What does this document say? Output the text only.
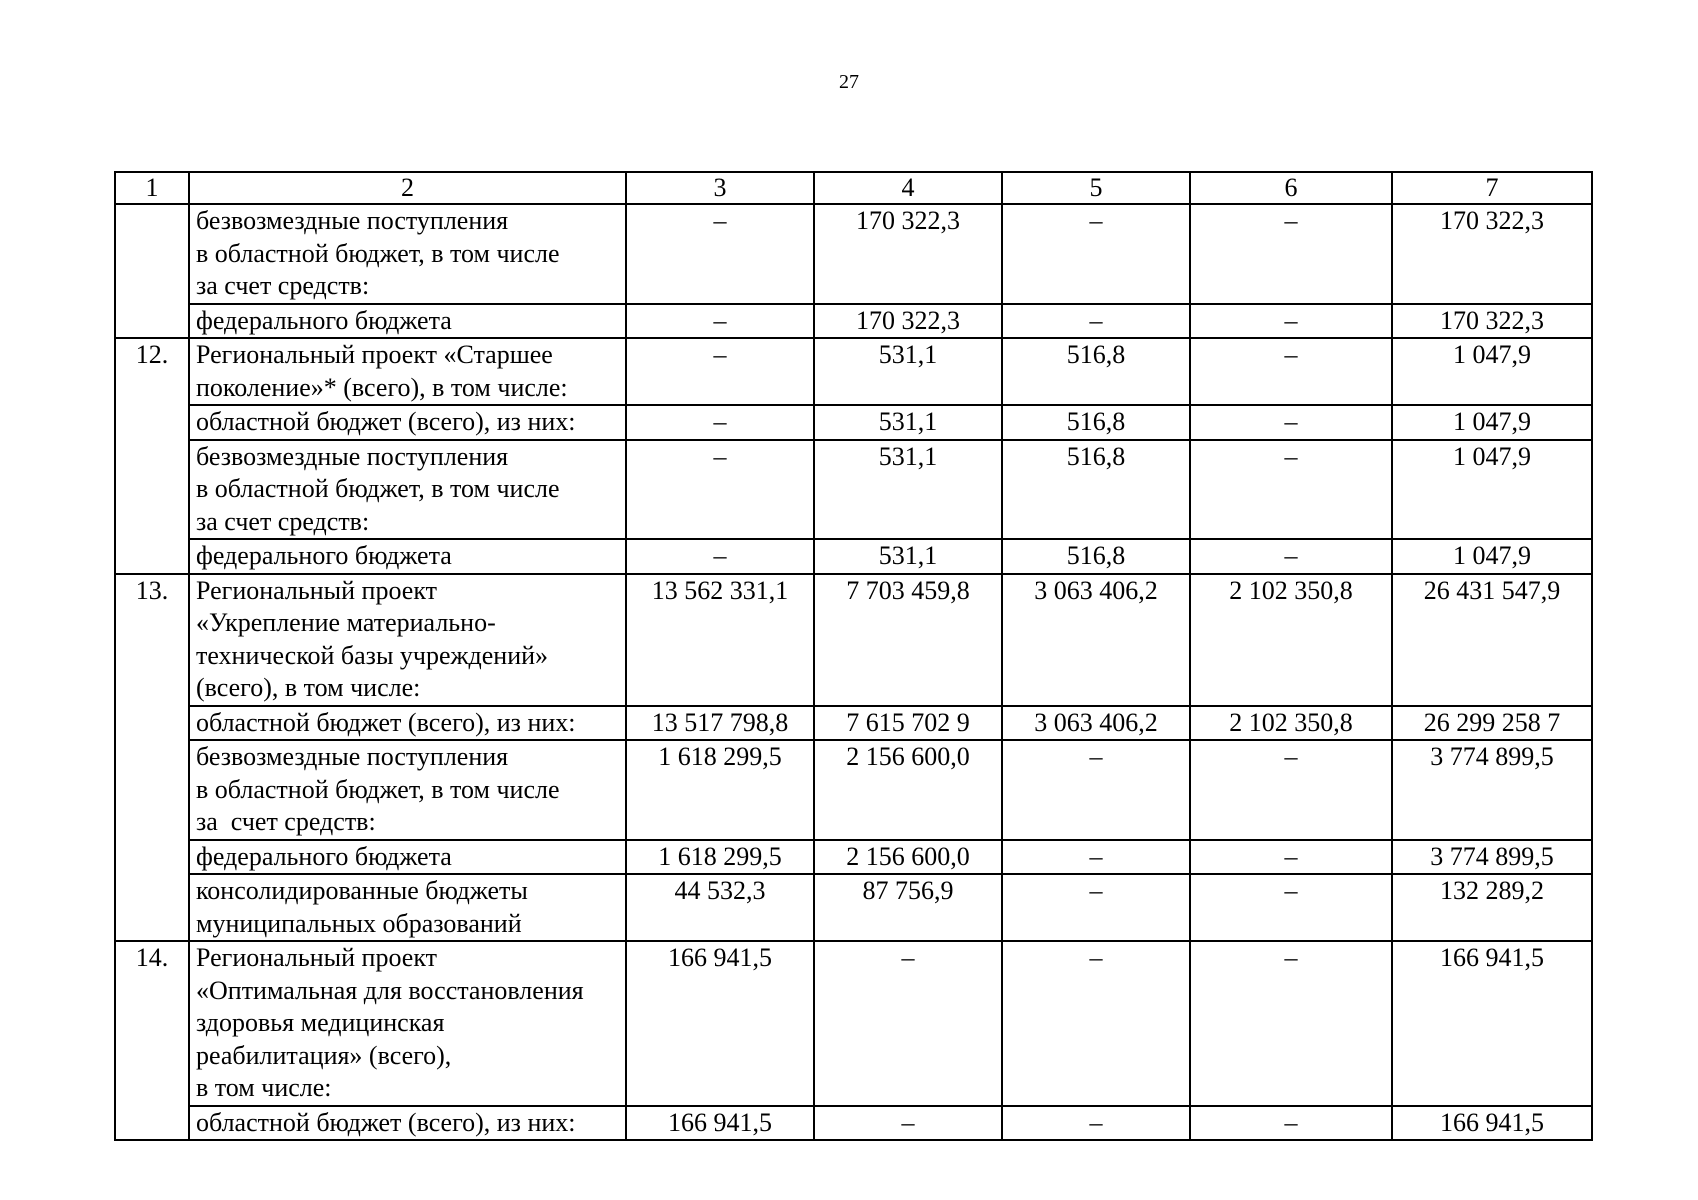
27
1	2	3	4	5	6	7

	безвозмездные поступления
в областной бюджет, в том числе
за счет средств:	–	170 322,3	–	–	170 322,3

	федерального бюджета	–	170 322,3	–	–	170 322,3
12.	Региональный проект «Старшее
поколение»* (всего), в том числе:	–	531,1	516,8	–	1 047,9

	областной бюджет (всего), из них:	–	531,1	516,8	–	1 047,9

	безвозмездные поступления
в областной бюджет, в том числе
за счет средств:	–	531,1	516,8	–	1 047,9

	федерального бюджета	–	531,1	516,8	–	1 047,9
13.	Региональный проект
«Укрепление материально-
технической базы учреждений»
(всего), в том числе:	13 562 331,1	7 703 459,8	3 063 406,2	2 102 350,8	26 431 547,9

	областной бюджет (всего), из них:	13 517 798,8	7 615 702 9	3 063 406,2	2 102 350,8	26 299 258 7

	безвозмездные поступления
в областной бюджет, в том числе
за  счет средств:	1 618 299,5	2 156 600,0	–	–	3 774 899,5

	федерального бюджета	1 618 299,5	2 156 600,0	–	–	3 774 899,5

	консолидированные бюджеты
муниципальных образований	44 532,3	87 756,9	–	–	132 289,2
14.	Региональный проект
«Оптимальная для восстановления
здоровья медицинская
реабилитация» (всего),
в том числе:	166 941,5	–	–	–	166 941,5

	областной бюджет (всего), из них:	166 941,5	–	–	–	166 941,5
